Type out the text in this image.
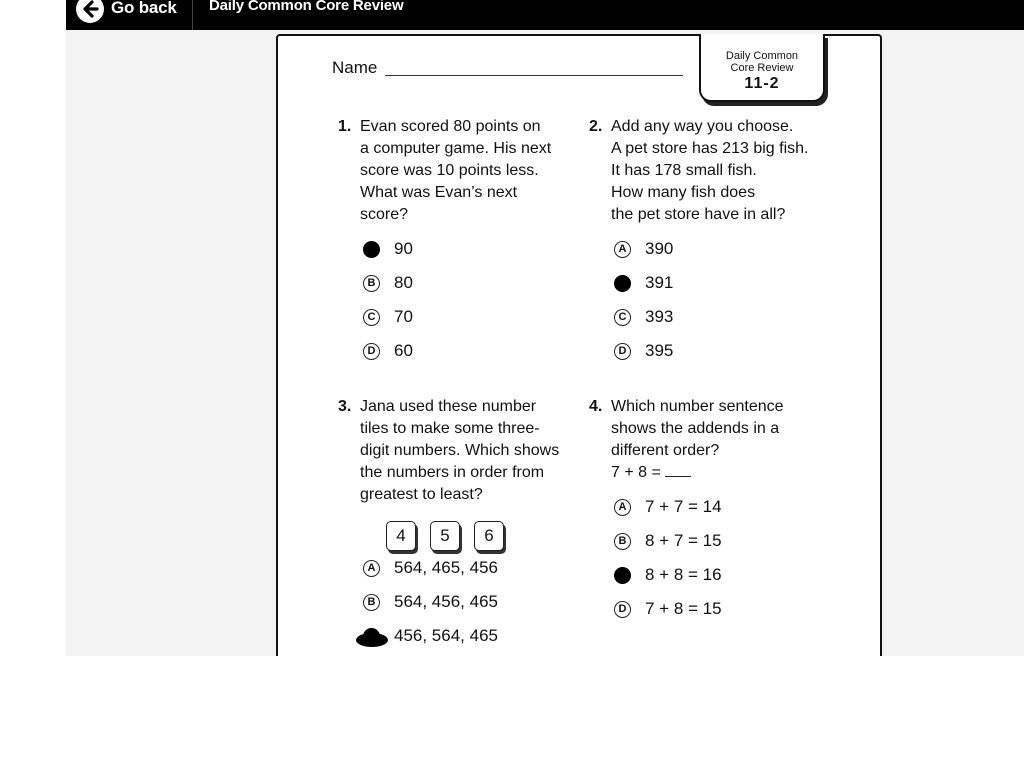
Go back Daily Common Core Review
Name
Daily Common
Core Review
11-2
1. Evan scored 80 points on
a computer game. His next
score was 10 points less.
What was Evan’s next
score?
A 90
B 80
C 70
D 60
2. Add any way you choose.
A pet store has 213 big fish.
It has 178 small fish.
How many fish does
the pet store have in all?
A 390
B 391
C 393
D 395
3. Jana used these number
tiles to make some three-
digit numbers. Which shows
the numbers in order from
greatest to least?
4	5	6
A 564, 465, 456
B 564, 456, 465
456, 564, 465
4. Which number sentence
shows the addends in a
different order?
7 + 8 =
A 7 + 7 = 14
B 8 + 7 = 15
C 8 + 8 = 16
D 7 + 8 = 15
